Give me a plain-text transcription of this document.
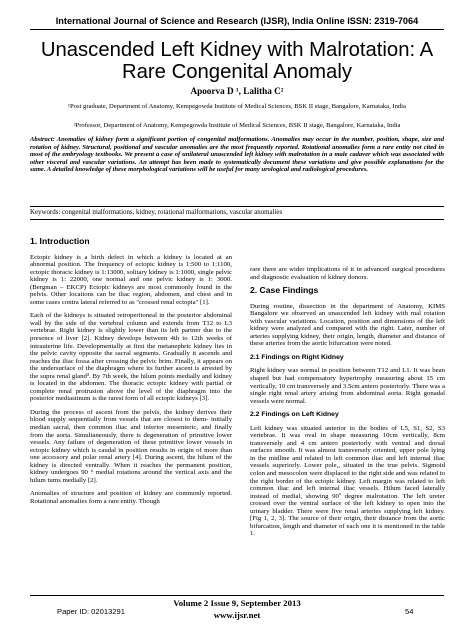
International Journal of Science and Research (IJSR), India Online ISSN: 2319-7064
Unascended Left Kidney with Malrotation: A Rare Congenital Anomaly
Apoorva D ¹, Lalitha C²
¹Post graduate, Department of Anatomy, Kempegowda Institute of Medical Sciences, BSK II stage, Bangalore, Karnataka, India
²Professor, Department of Anatomy, Kempegowda Institute of Medical Sciences, BSK II stage, Bangalore, Karnataka, India
Abstract: Anomalies of kidney form a significant portion of congenital malformations. Anomalies may occur in the number, position, shape, size and rotation of kidney. Structural, positional and vascular anomalies are the most frequently reported. Rotational anomalies form a rare entity not cited in most of the embryology textbooks. We present a case of unilateral unascended left kidney with malrotation in a male cadaver which was associated with other visceral and vascular variations. An attempt has been made to systematically document these variations and give possible explanations for the same. A detailed knowledge of these morphological variations will be useful for many urological and radiological procedures.
Keywords: congenital malformations, kidney, rotational malformations, vascular anomalies
1. Introduction

Ectopic kidney is a birth defect in which a kidney is located at an abnormal position. The frequency of ectopic kidney is 1:500 to 1:1100, ectopic thoracic kidney is 1:13000, solitary kidney is 1:1000, single pelvic kidney is 1: 22000, one normal and one pelvic kidney is 1: 3000. (Bergman – EKCP) Ectopic kidneys are most commonly found in the pelvis. Other locations can be iliac region, abdomen, and chest and in some cases contra lateral referred to as "crossed renal ectopia" [1].

Each of the kidneys is situated retroperitoneal in the posterior abdominal wall by the side of the vertebral column and extends from T12 to L3 vertebrae. Right kidney is slightly lower than its left partner due to the presence of liver [2]. Kidney develops between 4th to 12th weeks of intrauterine life. Developmentally at first the metanephric kidney lies in the pelvic cavity opposite the sacral segments. Gradually it ascends and reaches the iliac fossa after crossing the pelvic brim. Finally, it appears on the undersurface of the diaphragm where its further ascent is arrested by the supra renal gland³. By 7th week, the hilum points medially and kidney is located in the abdomen. The thoracic ectopic kidney with partial or complete renal protrusion above the level of the diaphragm into the posterior mediastinum is the rarest form of all ectopic kidneys [3].

During the process of ascent from the pelvis, the kidney derives their blood supply sequentially from vessels that are closest to them- initially median sacral, then common iliac and inferior mesenteric, and finally from the aorta. Simultaneously, there is degeneration of primitive lower vessels. Any failure of degeneration of these primitive lower vessels in ectopic kidney which is caudal in position results in origin of more than one accessory and polar renal artery [4]. During ascent, the hilum of the kidney is directed ventrally. When it reaches the permanent position, kidney undergoes 90 ° medial rotations around the vertical axis and the hilum turns medially [2].

Anomalies of structure and position of kidney are commonly reported. Rotational anomalies form a rare entity. Though

rare there are wider implications of it in advanced surgical procedures and diagnostic evaluation of kidney donors.

2. Case Findings

During routine, dissection in the department of Anatomy, KIMS Bangalore we observed an unascended left kidney with mal rotation with vascular variations. Location, position and dimensions of the left kidney were analyzed and compared with the right. Later, number of arteries supplying kidney, their origin, length, diameter and distance of these arteries from the aortic bifurcation were noted.

2.1 Findings on Right Kidney

Right kidney was normal in position between T12 and L1. It was bean shaped but had compensatory hypertrophy measuring about 15 cm vertically, 10 cm transversely and 3.5cm antero posteriorly. There was a single right renal artery arising from abdominal aorta. Right gonadal vessels were normal.

2.2 Findings on Left Kidney

Left kidney was situated anterior to the bodies of L5, S1, S2, S3 vertebrae. It was oval in shape measuring 10cm vertically, 8cm transversely and 4 cm antero posteriorly with ventral and dorsal surfaces smooth. It was almost transversely oriented, upper pole lying in the midline and related to left common iliac and left internal iliac vessels superiorly. Lower pole,, situated in the true pelvis. Sigmoid colon and mesocolon were displaced to the right side and was related to the right border of the ectopic kidney. Left margin was related to left common iliac and left internal iliac vessels. Hilum faced laterally instead of medial, showing 90º degree malrotation. The left ureter crossed over the ventral surface of the left kidney to open into the urinary bladder. There were five renal arteries supplying left kidney. [Fig 1, 2, 3]. The source of their origin, their distance from the aortic bifurcation, length and diameter of each one it is mentioned in the table 1.

Volume 2 Issue 9, September 2013
www.ijsr.net
Paper ID: 02013291	54
